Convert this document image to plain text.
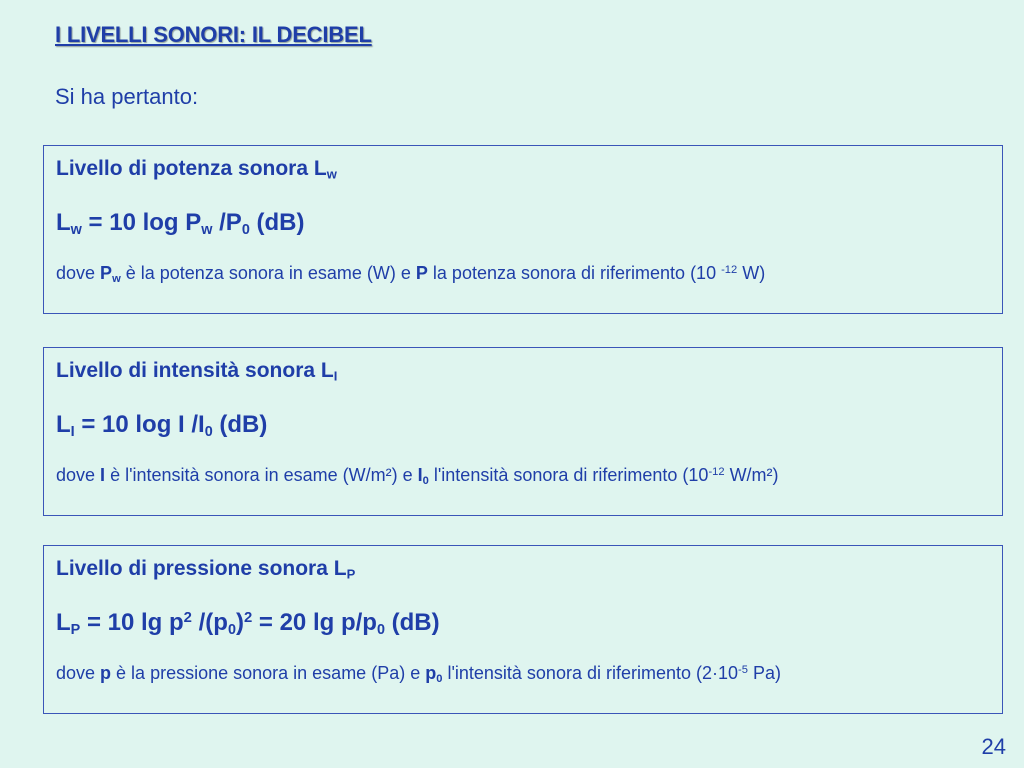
I LIVELLI SONORI: IL DECIBEL
Si ha pertanto:
Livello di potenza sonora $L_w$
$L_w = 10$ $\log P_w$ $/P_0$ (dB)
dove $P_w$ è la potenza sonora in esame (W) e P la potenza sonora di riferimento (10 $^{-12}$ W)
Livello di intensità sonora $L_I$
$L_I = 10$ log I $/I_0$ (dB)
dove I è l'intensità sonora in esame (W/m²) e $I_0$ l'intensità sonora di riferimento ($10^{-12}$ W/m²)
Livello di pressione sonora $L_P$
$L_P = 10$ $\lg p^2$ $/(p_0)^2 = 20$ $\lg p/p_0$ (dB)
dove p è la pressione sonora in esame (Pa) e $p_0$ l'intensità sonora di riferimento ($2\cdot 10^{-5}$ Pa)
24
